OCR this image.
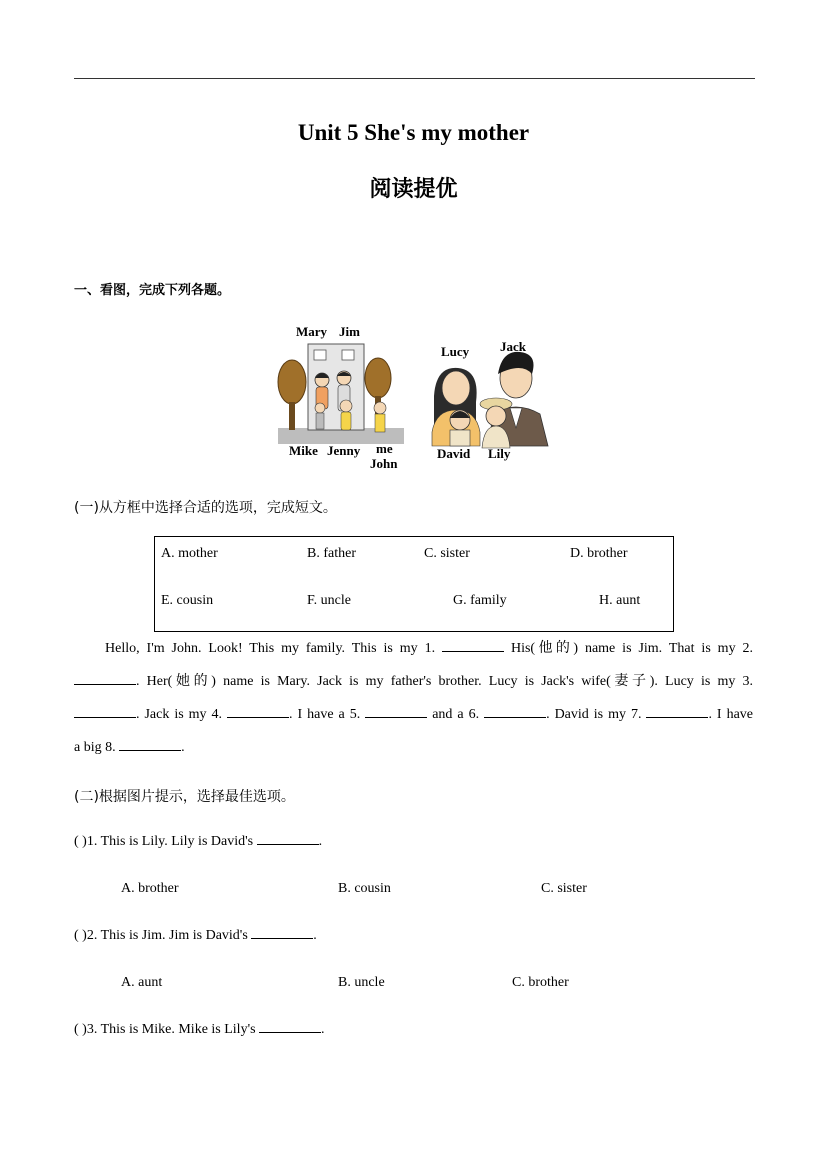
Unit 5 She's my mother
阅读提优
一、看图，完成下列各题。
Mary Jim
Mike Jenny me
John
Lucy Jack
David Lily
(一)从方框中选择合适的选项，完成短文。
A. mother	B. father	C. sister	D. brother
E. cousin	F. uncle	G. family	H. aunt
Hello, I'm John. Look! This my family. This is my 1.	His(他的) name is Jim. That is my 2.
. Her(她的) name is Mary. Jack is my father's brother. Lucy is Jack's wife(妻子). Lucy is my 3.
. Jack is my 4.	. I have a 5.	and a 6.	. David is my 7.	. I have
a big 8.	.
(二)根据图片提示，选择最佳选项。
( )1. This is Lily. Lily is David's	.
A. brother	B. cousin	C. sister
( )2. This is Jim. Jim is David's	.
A. aunt	B. uncle	C. brother
( )3. This is Mike. Mike is Lily's	.
